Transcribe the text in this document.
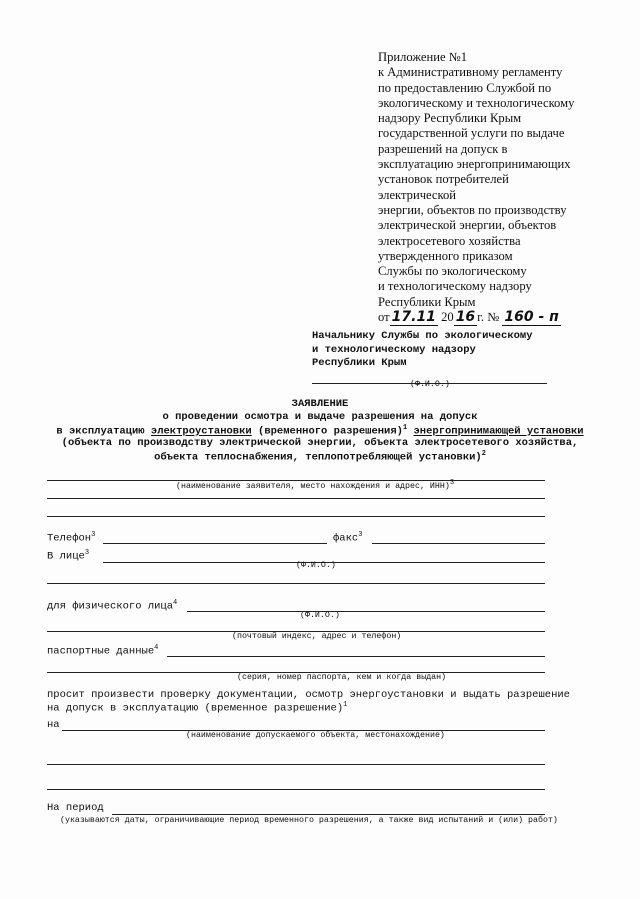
Приложение №1
к Административному регламенту
по предоставлению Службой по
экологическому и технологическому
надзору Республики Крым
государственной услуги по выдаче
разрешений на допуск в
эксплуатацию энергопринимающих
установок потребителей
электрической
энергии, объектов по производству
электрической энергии, объектов
электросетевого хозяйства
утвержденного приказом
Службы по экологическому
и технологическому надзору
Республики Крым
от 17.11 20 16 г. № 160 - п
Начальнику Службы по экологическому
и технологическому надзору
Республики Крым
(Ф.И.О.)
ЗАЯВЛЕНИЕ
о проведении осмотра и выдаче разрешения на допуск
в эксплуатацию электроустановки (временного разрешения)$^1$ энергопринимающей установки
(объекта по производству электрической энергии, объекта электросетевого хозяйства,
объекта теплоснабжения, теплопотребляющей установки)$^2$
(наименование заявителя, место нахождения и адрес, ИНН)$^3$
Телефон$^3$	факс$^3$
В лице$^3$
(Ф.И.О.)
для физического лица$^4$
(Ф.И.О.)
(почтовый индекс, адрес и телефон)
паспортные данные$^4$
(серия, номер паспорта, кем и когда выдан)
просит произвести проверку документации, осмотр энергоустановки и выдать разрешение
на допуск в эксплуатацию (временное разрешение)$^1$
на
(наименование допускаемого объекта, местонахождение)
На период
(указываются даты, ограничивающие период временного разрешения, а также вид испытаний и (или) работ)
